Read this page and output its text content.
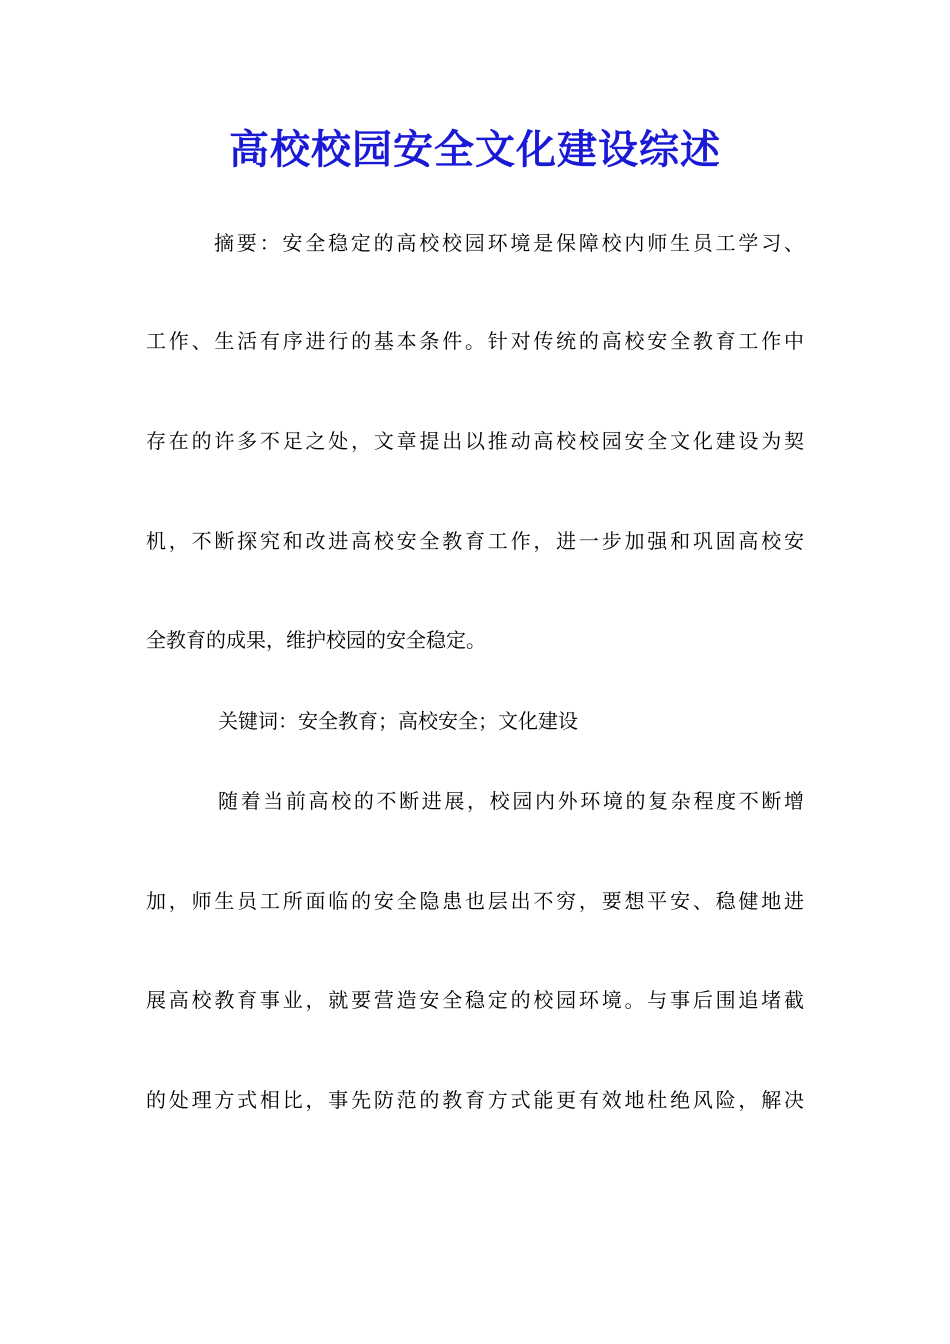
高校校园安全文化建设综述
摘要：安全稳定的高校校园环境是保障校内师生员工学习、
工作、生活有序进行的基本条件。针对传统的高校安全教育工作中
存在的许多不足之处，文章提出以推动高校校园安全文化建设为契
机，不断探究和改进高校安全教育工作，进一步加强和巩固高校安
全教育的成果，维护校园的安全稳定。
关键词：安全教育；高校安全；文化建设
随着当前高校的不断进展，校园内外环境的复杂程度不断增
加，师生员工所面临的安全隐患也层出不穷，要想平安、稳健地进
展高校教育事业，就要营造安全稳定的校园环境。与事后围追堵截
的处理方式相比，事先防范的教育方式能更有效地杜绝风险，解决
